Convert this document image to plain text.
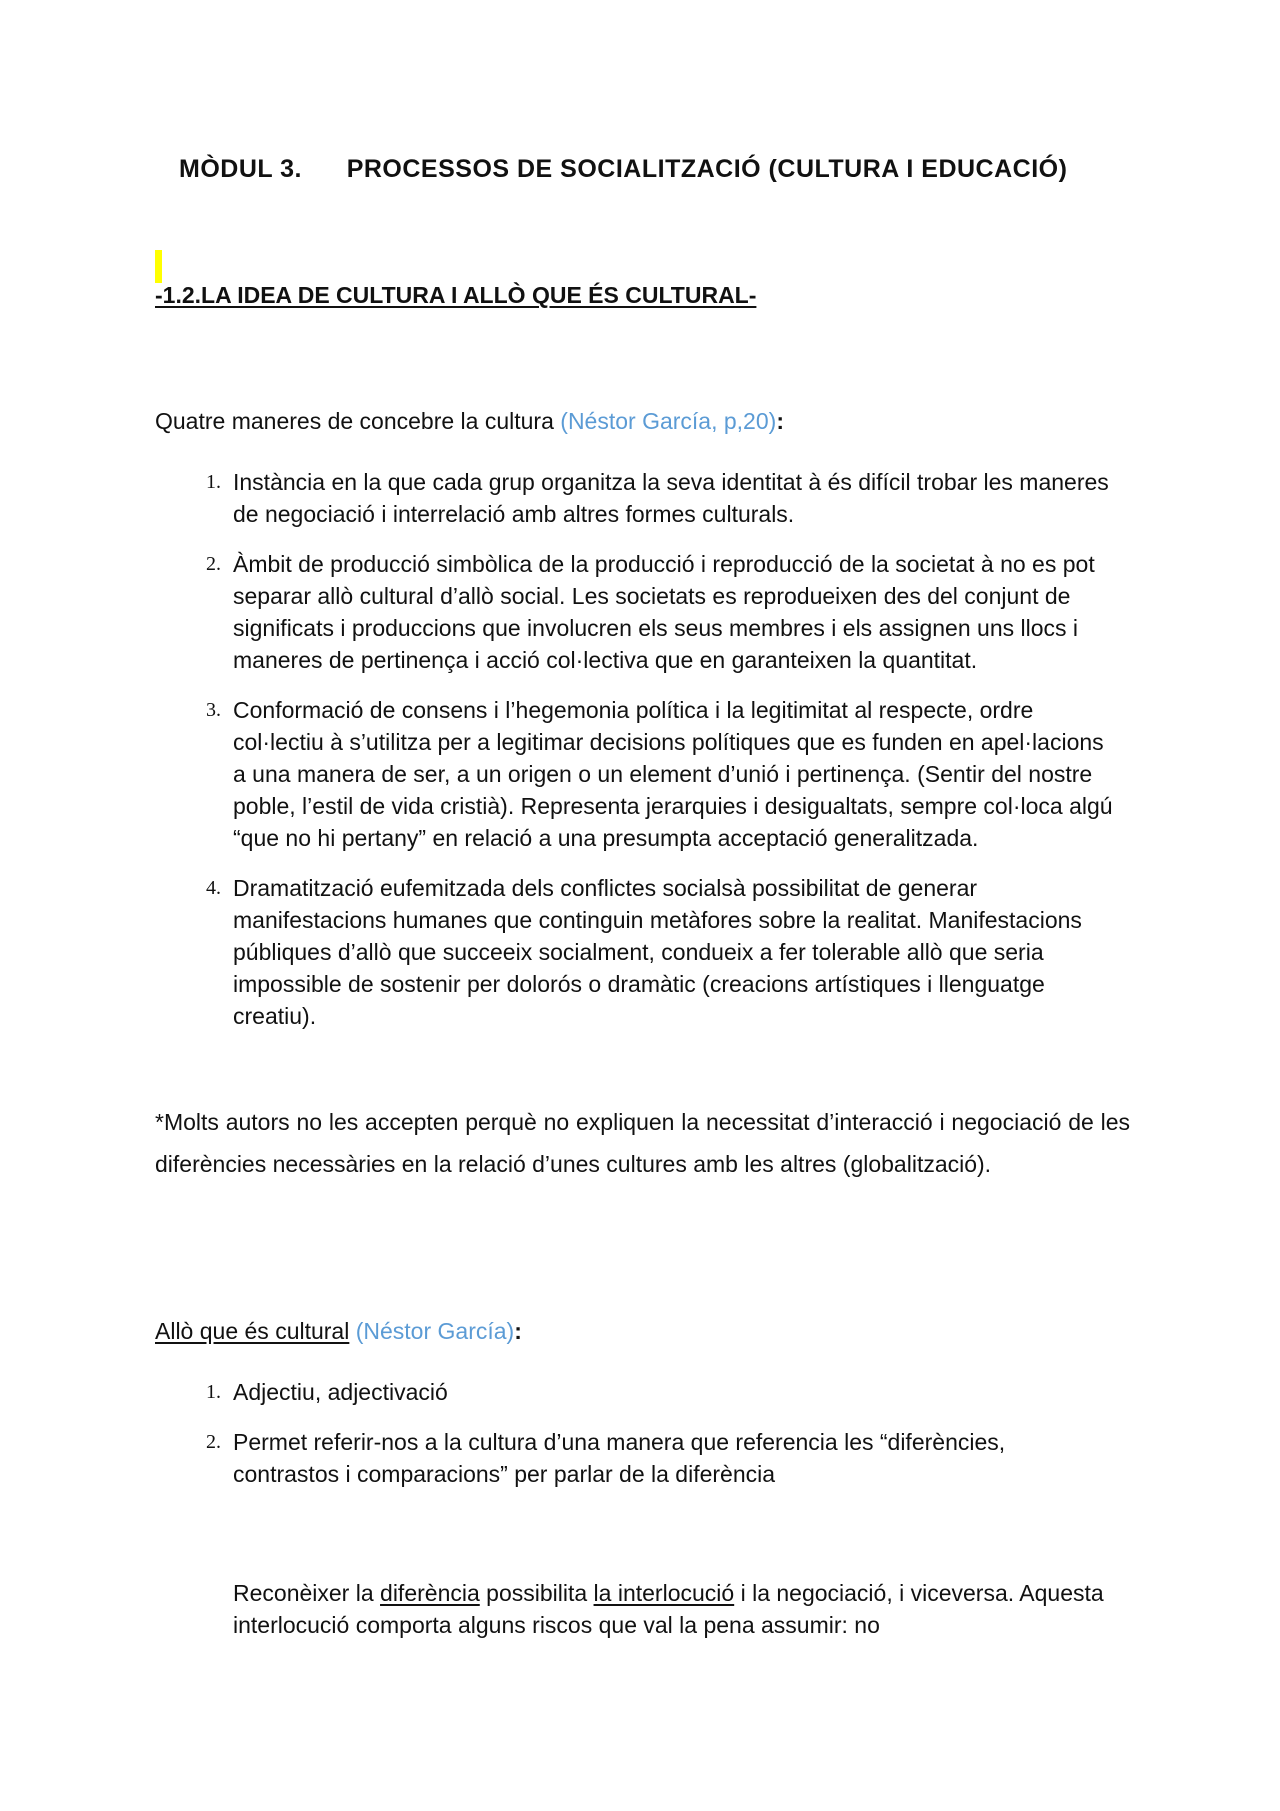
MÒDUL 3. PROCESSOS DE SOCIALITZACIÓ (CULTURA I EDUCACIÓ)

-1.2.LA IDEA DE CULTURA I ALLÒ QUE ÉS CULTURAL-

Quatre maneres de concebre la cultura (Néstor García, p,20):

1. Instància en la que cada grup organitza la seva identitat à és difícil trobar les maneres de negociació i interrelació amb altres formes culturals.
2. Àmbit de producció simbòlica de la producció i reproducció de la societat à no es pot separar allò cultural d’allò social. Les societats es reprodueixen des del conjunt de significats i produccions que involucren els seus membres i els assignen uns llocs i maneres de pertinença i acció col·lectiva que en garanteixen la quantitat.
3. Conformació de consens i l’hegemonia política i la legitimitat al respecte, ordre col·lectiu à s’utilitza per a legitimar decisions polítiques que es funden en apel·lacions a una manera de ser, a un origen o un element d’unió i pertinença. (Sentir del nostre poble, l’estil de vida cristià). Representa jerarquies i desigualtats, sempre col·loca algú “que no hi pertany” en relació a una presumpta acceptació generalitzada.
4. Dramatització eufemitzada dels conflictes socialsà possibilitat de generar manifestacions humanes que continguin metàfores sobre la realitat. Manifestacions públiques d’allò que succeeix socialment, condueix a fer tolerable allò que seria impossible de sostenir per dolorós o dramàtic (creacions artístiques i llenguatge creatiu).

*Molts autors no les accepten perquè no expliquen la necessitat d’interacció i negociació de les diferències necessàries en la relació d’unes cultures amb les altres (globalització).

Allò que és cultural (Néstor García):

1. Adjectiu, adjectivació
2. Permet referir-nos a la cultura d’una manera que referencia les “diferències, contrastos i comparacions” per parlar de la diferència

Reconèixer la diferència possibilita la interlocució i la negociació, i viceversa. Aquesta interlocució comporta alguns riscos que val la pena assumir: no
